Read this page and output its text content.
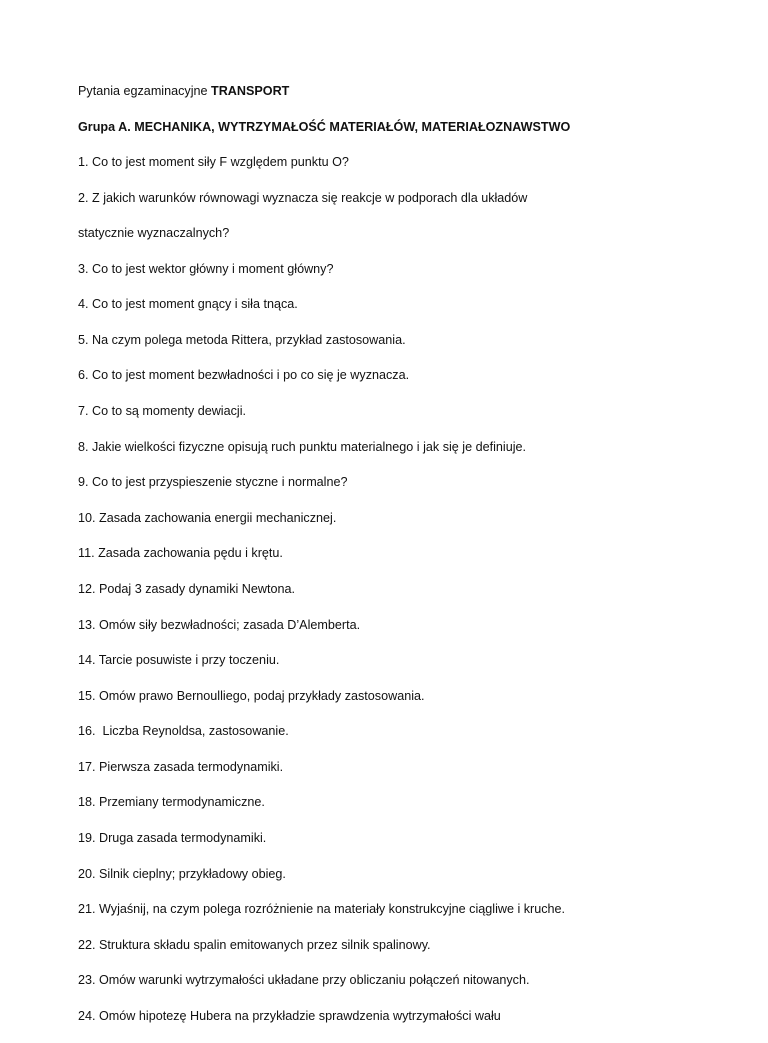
Pytania egzaminacyjne TRANSPORT
Grupa A. MECHANIKA, WYTRZYMAŁOŚĆ MATERIAŁÓW, MATERIAŁOZNAWSTWO
1. Co to jest moment siły F względem punktu O?
2. Z jakich warunków równowagi wyznacza się reakcje w podporach dla układów
statycznie wyznaczalnych?
3. Co to jest wektor główny i moment główny?
4. Co to jest moment gnący i siła tnąca.
5. Na czym polega metoda Rittera, przykład zastosowania.
6. Co to jest moment bezwładności i po co się je wyznacza.
7. Co to są momenty dewiacji.
8. Jakie wielkości fizyczne opisują ruch punktu materialnego i jak się je definiuje.
9. Co to jest przyspieszenie styczne i normalne?
10. Zasada zachowania energii mechanicznej.
11. Zasada zachowania pędu i krętu.
12. Podaj 3 zasady dynamiki Newtona.
13. Omów siły bezwładności; zasada D’Alemberta.
14. Tarcie posuwiste i przy toczeniu.
15. Omów prawo Bernoulliego, podaj przykłady zastosowania.
16.  Liczba Reynoldsa, zastosowanie.
17. Pierwsza zasada termodynamiki.
18. Przemiany termodynamiczne.
19. Druga zasada termodynamiki.
20. Silnik cieplny; przykładowy obieg.
21. Wyjaśnij, na czym polega rozróżnienie na materiały konstrukcyjne ciągliwe i kruche.
22. Struktura składu spalin emitowanych przez silnik spalinowy.
23. Omów warunki wytrzymałości układane przy obliczaniu połączeń nitowanych.
24. Omów hipotezę Hubera na przykładzie sprawdzenia wytrzymałości wału
